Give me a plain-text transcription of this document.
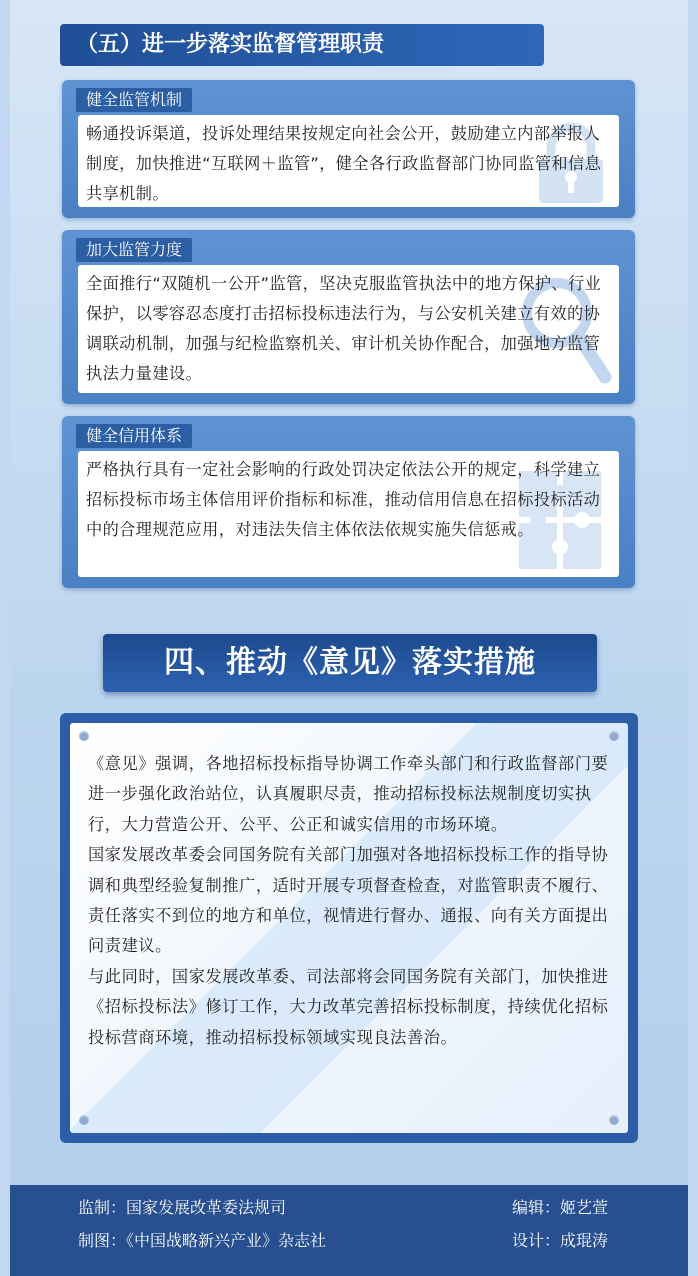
（五）进一步落实监督管理职责
健全监管机制
畅通投诉渠道，投诉处理结果按规定向社会公开，鼓励建立内部举报人制度，加快推进“互联网＋监管”，健全各行政监督部门协同监管和信息共享机制。
加大监管力度
全面推行“双随机一公开”监管，坚决克服监管执法中的地方保护、行业保护，以零容忍态度打击招标投标违法行为，与公安机关建立有效的协调联动机制，加强与纪检监察机关、审计机关协作配合，加强地方监管执法力量建设。
健全信用体系
严格执行具有一定社会影响的行政处罚决定依法公开的规定，科学建立招标投标市场主体信用评价指标和标准，推动信用信息在招标投标活动中的合理规范应用，对违法失信主体依法依规实施失信惩戒。
四、推动《意见》落实措施

《意见》强调，各地招标投标指导协调工作牵头部门和行政监督部门要进一步强化政治站位，认真履职尽责，推动招标投标法规制度切实执行，大力营造公开、公平、公正和诚实信用的市场环境。

国家发展改革委会同国务院有关部门加强对各地招标投标工作的指导协调和典型经验复制推广，适时开展专项督查检查，对监管职责不履行、责任落实不到位的地方和单位，视情进行督办、通报、向有关方面提出问责建议。

与此同时，国家发展改革委、司法部将会同国务院有关部门，加快推进《招标投标法》修订工作，大力改革完善招标投标制度，持续优化招标投标营商环境，推动招标投标领域实现良法善治。

监制：国家发展改革委法规司	编辑：姬艺萱
制图：《中国战略新兴产业》杂志社	设计：成琨涛
